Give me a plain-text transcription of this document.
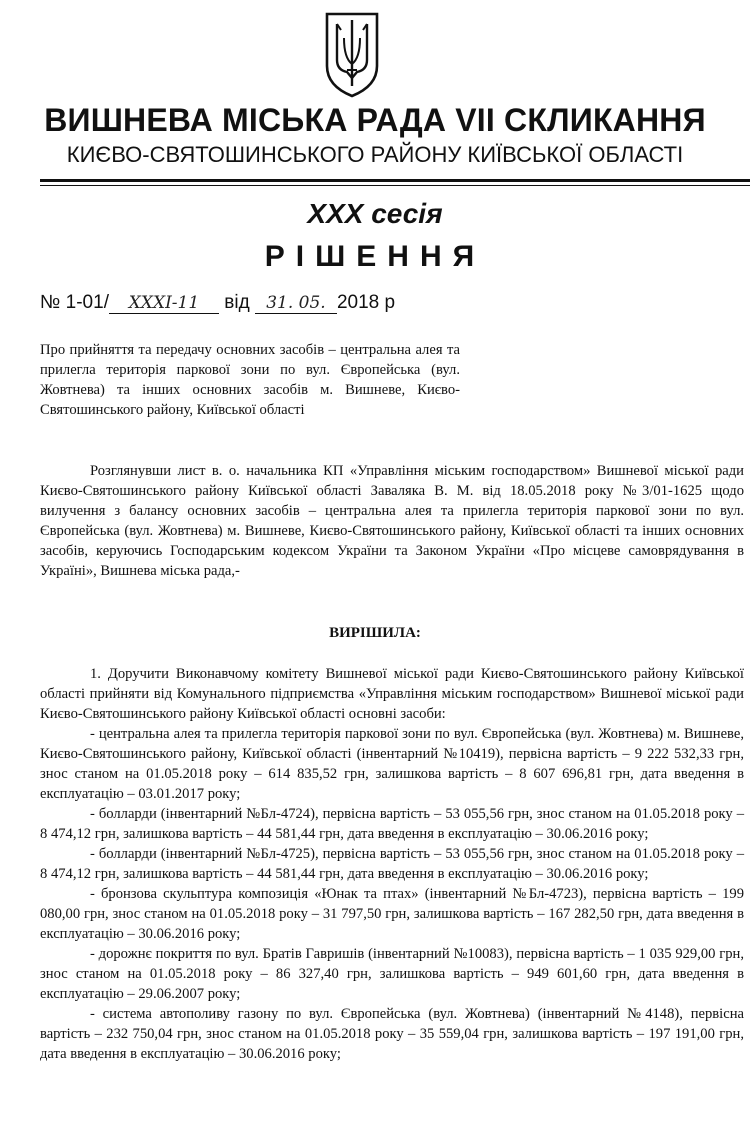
ВИШНЕВА МІСЬКА РАДА VІІ СКЛИКАННЯ
КИЄВО-СВЯТОШИНСЬКОГО РАЙОНУ КИЇВСЬКОЇ ОБЛАСТІ
XXX сесія
РІШЕННЯ
№ 1-01/ XXXI-11 від 31. 05. 2018 р
Про прийняття та передачу основних засобів – центральна алея та прилегла територія паркової зони по вул. Європейська (вул. Жовтнева) та інших основних засобів м. Вишневе, Києво-Святошинського району, Київської області
Розглянувши лист в. о. начальника КП «Управління міським господарством» Вишневої міської ради Києво-Святошинського району Київської області Заваляка В. М. від 18.05.2018 року №3/01-1625 щодо вилучення з балансу основних засобів – центральна алея та прилегла територія паркової зони по вул. Європейська (вул. Жовтнева) м. Вишневе, Києво-Святошинського району, Київської області та інших основних засобів, керуючись Господарським кодексом України та Законом України «Про місцеве самоврядування в Україні», Вишнева міська рада,-
ВИРІШИЛА:

1. Доручити Виконавчому комітету Вишневої міської ради Києво-Святошинського району Київської області прийняти від Комунального підприємства «Управління міським господарством» Вишневої міської ради Києво-Святошинського району Київської області основні засоби:

- центральна алея та прилегла територія паркової зони по вул. Європейська (вул. Жовтнева) м. Вишневе, Києво-Святошинського району, Київської області (інвентарний №10419), первісна вартість – 9 222 532,33 грн, знос станом на 01.05.2018 року – 614 835,52 грн, залишкова вартість – 8 607 696,81 грн, дата введення в експлуатацію – 03.01.2017 року;

- болларди (інвентарний №Бл-4724), первісна вартість – 53 055,56 грн, знос станом на 01.05.2018 року – 8 474,12 грн, залишкова вартість – 44 581,44 грн, дата введення в експлуатацію – 30.06.2016 року;

- болларди (інвентарний №Бл-4725), первісна вартість – 53 055,56 грн, знос станом на 01.05.2018 року – 8 474,12 грн, залишкова вартість – 44 581,44 грн, дата введення в експлуатацію – 30.06.2016 року;

- бронзова скульптура композиція «Юнак та птах» (інвентарний №Бл-4723), первісна вартість – 199 080,00 грн, знос станом на 01.05.2018 року – 31 797,50 грн, залишкова вартість – 167 282,50 грн, дата введення в експлуатацію – 30.06.2016 року;

- дорожнє покриття по вул. Братів Гавришів (інвентарний №10083), первісна вартість – 1 035 929,00 грн, знос станом на 01.05.2018 року – 86 327,40 грн, залишкова вартість – 949 601,60 грн, дата введення в експлуатацію – 29.06.2007 року;

- система автополиву газону по вул. Європейська (вул. Жовтнева) (інвентарний №4148), первісна вартість – 232 750,04 грн, знос станом на 01.05.2018 року – 35 559,04 грн, залишкова вартість – 197 191,00 грн, дата введення в експлуатацію – 30.06.2016 року;
